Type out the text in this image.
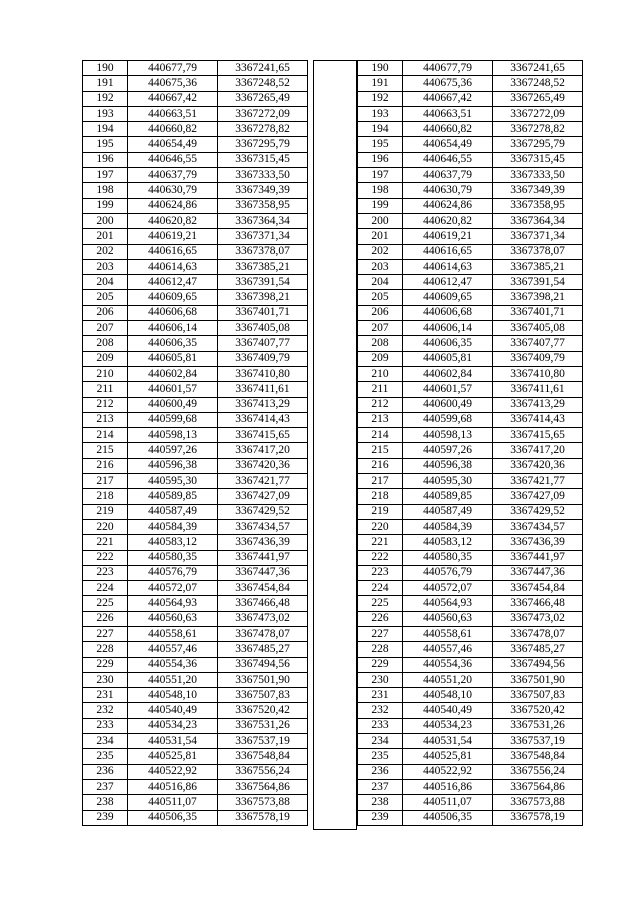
190	440677,79	3367241,65
191	440675,36	3367248,52
192	440667,42	3367265,49
193	440663,51	3367272,09
194	440660,82	3367278,82
195	440654,49	3367295,79
196	440646,55	3367315,45
197	440637,79	3367333,50
198	440630,79	3367349,39
199	440624,86	3367358,95
200	440620,82	3367364,34
201	440619,21	3367371,34
202	440616,65	3367378,07
203	440614,63	3367385,21
204	440612,47	3367391,54
205	440609,65	3367398,21
206	440606,68	3367401,71
207	440606,14	3367405,08
208	440606,35	3367407,77
209	440605,81	3367409,79
210	440602,84	3367410,80
211	440601,57	3367411,61
212	440600,49	3367413,29
213	440599,68	3367414,43
214	440598,13	3367415,65
215	440597,26	3367417,20
216	440596,38	3367420,36
217	440595,30	3367421,77
218	440589,85	3367427,09
219	440587,49	3367429,52
220	440584,39	3367434,57
221	440583,12	3367436,39
222	440580,35	3367441,97
223	440576,79	3367447,36
224	440572,07	3367454,84
225	440564,93	3367466,48
226	440560,63	3367473,02
227	440558,61	3367478,07
228	440557,46	3367485,27
229	440554,36	3367494,56
230	440551,20	3367501,90
231	440548,10	3367507,83
232	440540,49	3367520,42
233	440534,23	3367531,26
234	440531,54	3367537,19
235	440525,81	3367548,84
236	440522,92	3367556,24
237	440516,86	3367564,86
238	440511,07	3367573,88
239	440506,35	3367578,19
190	440677,79	3367241,65
191	440675,36	3367248,52
192	440667,42	3367265,49
193	440663,51	3367272,09
194	440660,82	3367278,82
195	440654,49	3367295,79
196	440646,55	3367315,45
197	440637,79	3367333,50
198	440630,79	3367349,39
199	440624,86	3367358,95
200	440620,82	3367364,34
201	440619,21	3367371,34
202	440616,65	3367378,07
203	440614,63	3367385,21
204	440612,47	3367391,54
205	440609,65	3367398,21
206	440606,68	3367401,71
207	440606,14	3367405,08
208	440606,35	3367407,77
209	440605,81	3367409,79
210	440602,84	3367410,80
211	440601,57	3367411,61
212	440600,49	3367413,29
213	440599,68	3367414,43
214	440598,13	3367415,65
215	440597,26	3367417,20
216	440596,38	3367420,36
217	440595,30	3367421,77
218	440589,85	3367427,09
219	440587,49	3367429,52
220	440584,39	3367434,57
221	440583,12	3367436,39
222	440580,35	3367441,97
223	440576,79	3367447,36
224	440572,07	3367454,84
225	440564,93	3367466,48
226	440560,63	3367473,02
227	440558,61	3367478,07
228	440557,46	3367485,27
229	440554,36	3367494,56
230	440551,20	3367501,90
231	440548,10	3367507,83
232	440540,49	3367520,42
233	440534,23	3367531,26
234	440531,54	3367537,19
235	440525,81	3367548,84
236	440522,92	3367556,24
237	440516,86	3367564,86
238	440511,07	3367573,88
239	440506,35	3367578,19
